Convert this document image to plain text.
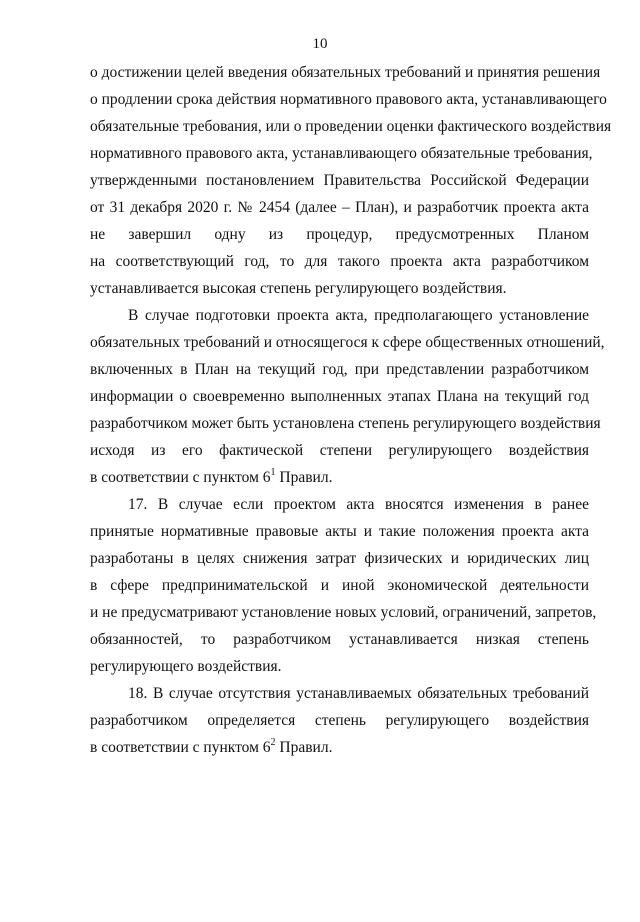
10
о достижении целей введения обязательных требований и принятия решения
о продлении срока действия нормативного правового акта, устанавливающего
обязательные требования, или о проведении оценки фактического воздействия
нормативного правового акта, устанавливающего обязательные требования,
утвержденными постановлением Правительства Российской Федерации
от 31 декабря 2020 г. № 2454 (далее – План), и разработчик проекта акта
не завершил одну из процедур, предусмотренных Планом
на соответствующий год, то для такого проекта акта разработчиком
устанавливается высокая степень регулирующего воздействия.
В случае подготовки проекта акта, предполагающего установление
обязательных требований и относящегося к сфере общественных отношений,
включенных в План на текущий год, при представлении разработчиком
информации о своевременно выполненных этапах Плана на текущий год
разработчиком может быть установлена степень регулирующего воздействия
исходя из его фактической степени регулирующего воздействия
в соответствии с пунктом $6^1$ Правил.
17. В случае если проектом акта вносятся изменения в ранее
принятые нормативные правовые акты и такие положения проекта акта
разработаны в целях снижения затрат физических и юридических лиц
в сфере предпринимательской и иной экономической деятельности
и не предусматривают установление новых условий, ограничений, запретов,
обязанностей, то разработчиком устанавливается низкая степень
регулирующего воздействия.
18. В случае отсутствия устанавливаемых обязательных требований
разработчиком определяется степень регулирующего воздействия
в соответствии с пунктом $6^2$ Правил.
